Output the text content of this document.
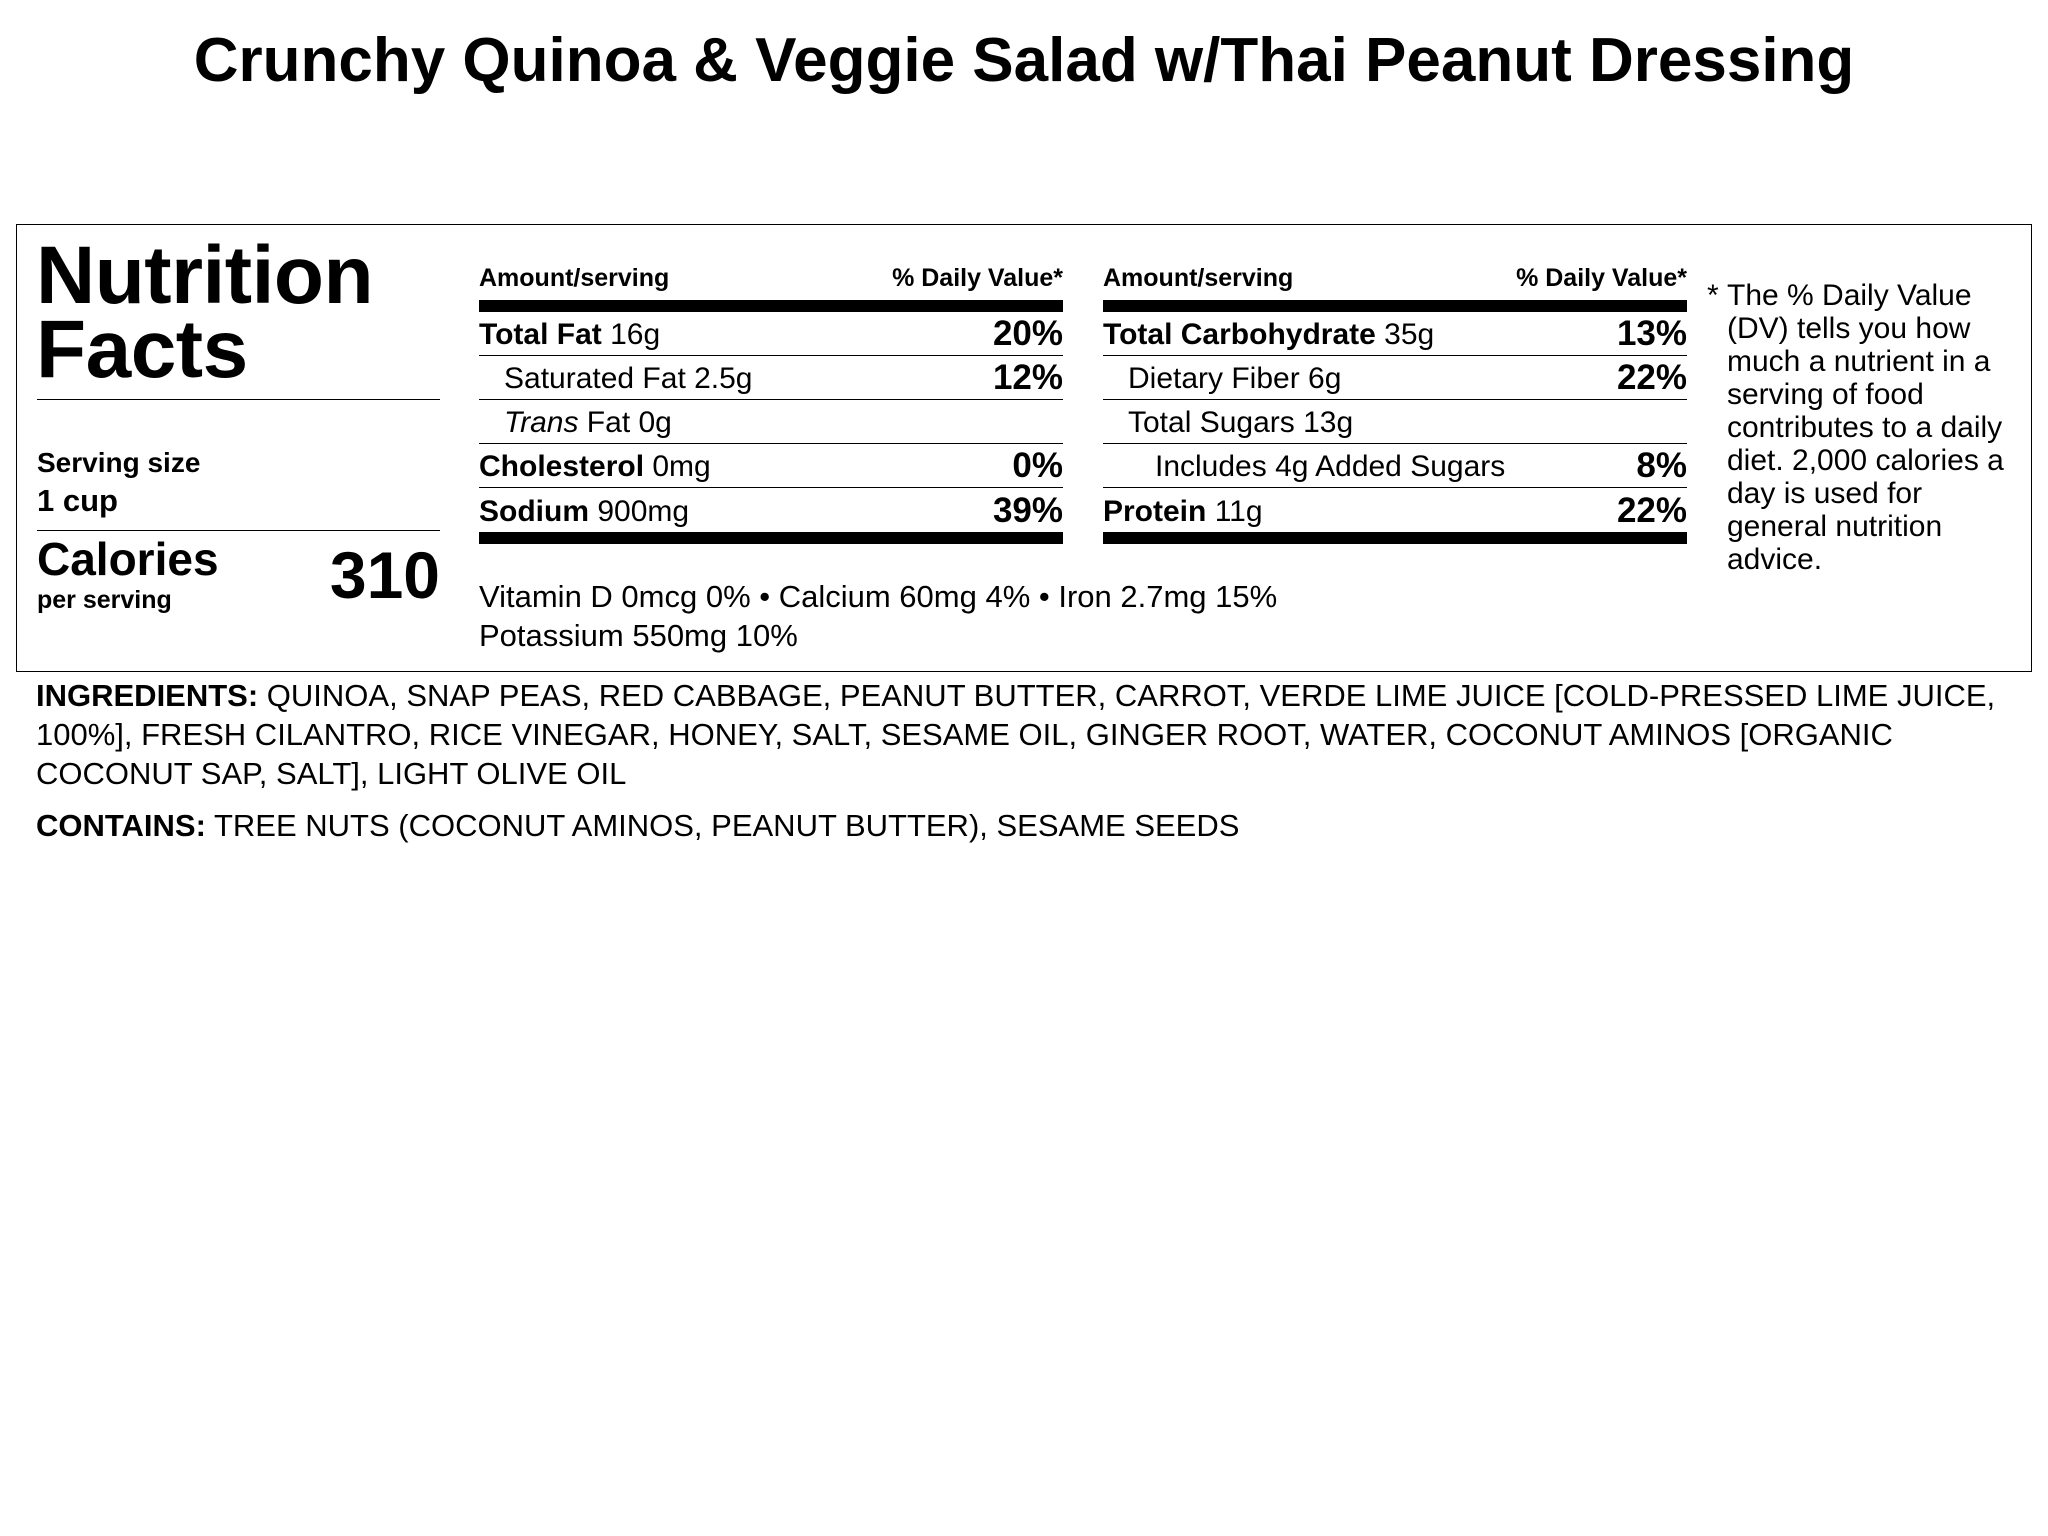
Crunchy Quinoa & Veggie Salad w/Thai Peanut Dressing
Nutrition
Facts
Serving size
1 cup
Calories
per serving	310
Amount/serving	% Daily Value*
Total Fat 16g	20%
Saturated Fat 2.5g	12%
Trans Fat 0g
Cholesterol 0mg	0%
Sodium 900mg	39%
Amount/serving	% Daily Value*
Total Carbohydrate 35g	13%
Dietary Fiber 6g	22%
Total Sugars 13g
Includes 4g Added Sugars	8%
Protein 11g	22%
Vitamin D 0mcg 0% • Calcium 60mg 4% • Iron 2.7mg 15%
Potassium 550mg 10%
* The % Daily Value (DV) tells you how much a nutrient in a serving of food contributes to a daily diet. 2,000 calories a day is used for general nutrition advice.
INGREDIENTS: QUINOA, SNAP PEAS, RED CABBAGE, PEANUT BUTTER, CARROT, VERDE LIME JUICE [COLD-PRESSED LIME JUICE, 100%], FRESH CILANTRO, RICE VINEGAR, HONEY, SALT, SESAME OIL, GINGER ROOT, WATER, COCONUT AMINOS [ORGANIC COCONUT SAP, SALT], LIGHT OLIVE OIL
CONTAINS: TREE NUTS (COCONUT AMINOS, PEANUT BUTTER), SESAME SEEDS
